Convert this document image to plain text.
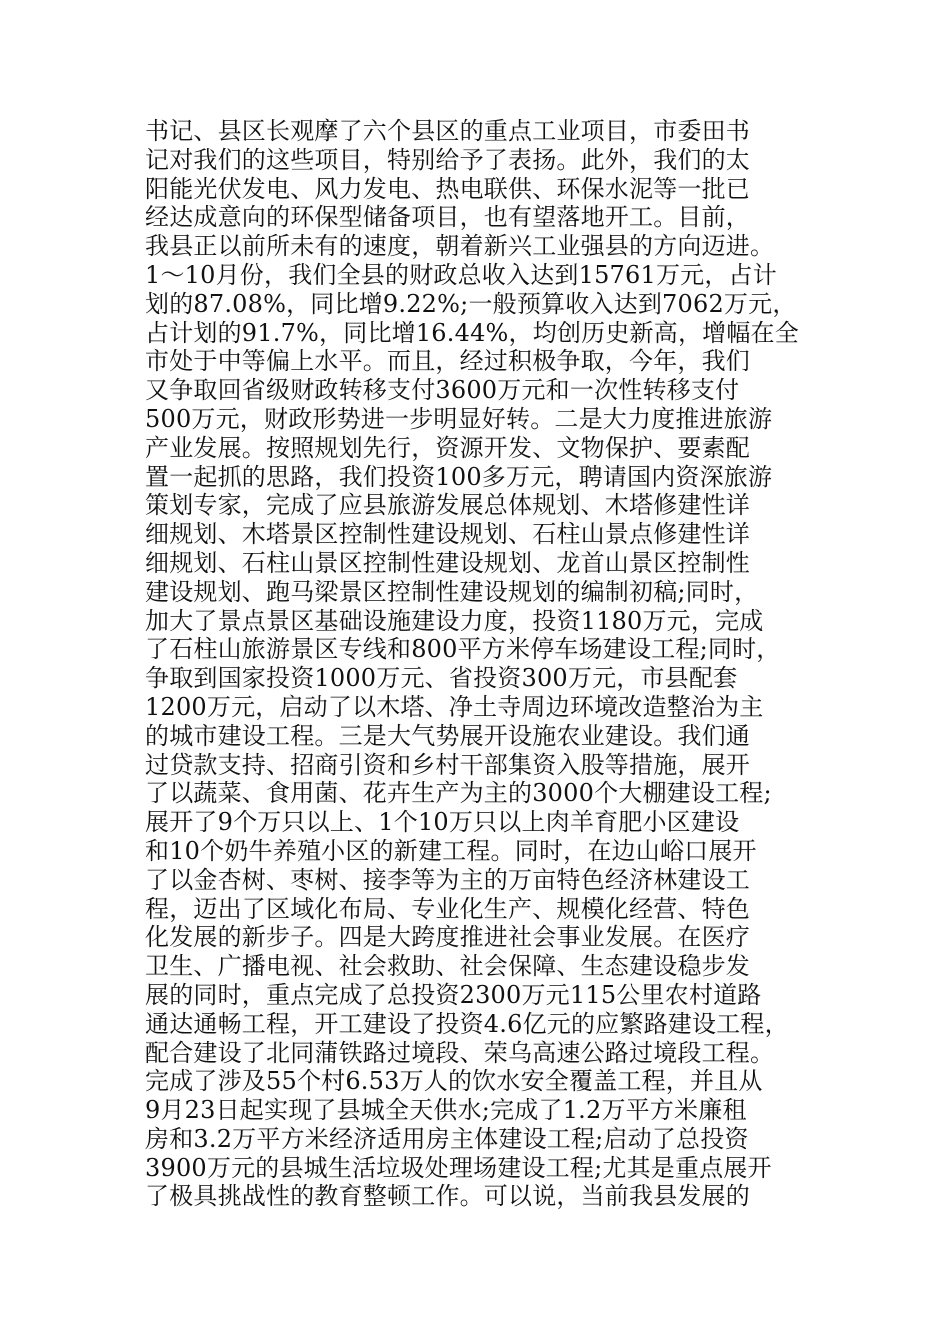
书记、县区长观摩了六个县区的重点工业项目，市委田书
记对我们的这些项目，特别给予了表扬。此外，我们的太
阳能光伏发电、风力发电、热电联供、环保水泥等一批已
经达成意向的环保型储备项目，也有望落地开工。目前，
我县正以前所未有的速度，朝着新兴工业强县的方向迈进。
1～10月份，我们全县的财政总收入达到15761万元，占计
划的87.08%，同比增9.22%;一般预算收入达到7062万元，
占计划的91.7%，同比增16.44%，均创历史新高，增幅在全
市处于中等偏上水平。而且，经过积极争取，今年，我们
又争取回省级财政转移支付3600万元和一次性转移支付
500万元，财政形势进一步明显好转。二是大力度推进旅游
产业发展。按照规划先行，资源开发、文物保护、要素配
置一起抓的思路，我们投资100多万元，聘请国内资深旅游
策划专家，完成了应县旅游发展总体规划、木塔修建性详
细规划、木塔景区控制性建设规划、石柱山景点修建性详
细规划、石柱山景区控制性建设规划、龙首山景区控制性
建设规划、跑马梁景区控制性建设规划的编制初稿;同时，
加大了景点景区基础设施建设力度，投资1180万元，完成
了石柱山旅游景区专线和800平方米停车场建设工程;同时，
争取到国家投资1000万元、省投资300万元，市县配套
1200万元，启动了以木塔、净土寺周边环境改造整治为主
的城市建设工程。三是大气势展开设施农业建设。我们通
过贷款支持、招商引资和乡村干部集资入股等措施，展开
了以蔬菜、食用菌、花卉生产为主的3000个大棚建设工程;
展开了9个万只以上、1个10万只以上肉羊育肥小区建设
和10个奶牛养殖小区的新建工程。同时，在边山峪口展开
了以金杏树、枣树、接李等为主的万亩特色经济林建设工
程，迈出了区域化布局、专业化生产、规模化经营、特色
化发展的新步子。四是大跨度推进社会事业发展。在医疗
卫生、广播电视、社会救助、社会保障、生态建设稳步发
展的同时，重点完成了总投资2300万元115公里农村道路
通达通畅工程，开工建设了投资4.6亿元的应繁路建设工程，
配合建设了北同蒲铁路过境段、荣乌高速公路过境段工程。
完成了涉及55个村6.53万人的饮水安全覆盖工程，并且从
9月23日起实现了县城全天供水;完成了1.2万平方米廉租
房和3.2万平方米经济适用房主体建设工程;启动了总投资
3900万元的县城生活垃圾处理场建设工程;尤其是重点展开
了极具挑战性的教育整顿工作。可以说，当前我县发展的
